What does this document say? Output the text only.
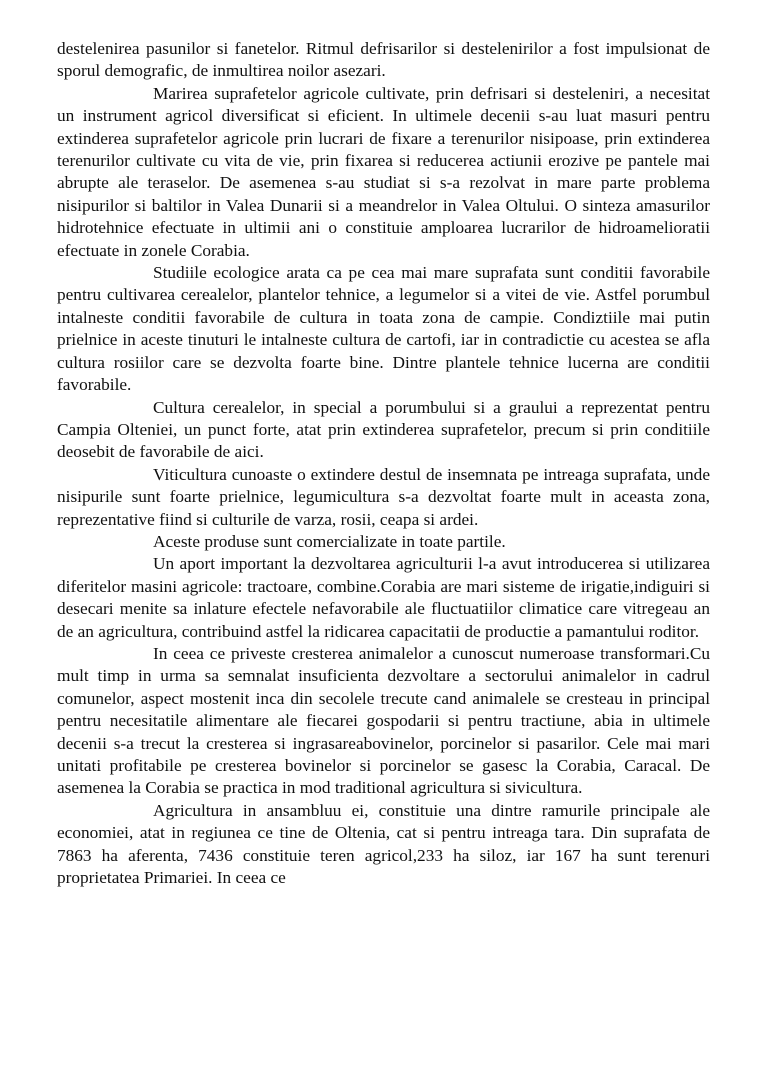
destelenirea pasunilor si fanetelor. Ritmul defrisarilor si destelenirilor a fost impulsionat de sporul demografic, de inmultirea noilor asezari.

Marirea suprafetelor agricole cultivate, prin defrisari si desteleniri, a necesitat un instrument agricol diversificat si eficient. In ultimele decenii s-au luat masuri pentru extinderea suprafetelor agricole prin lucrari de fixare a terenurilor nisipoase, prin extinderea terenurilor cultivate cu vita de vie, prin fixarea si reducerea actiunii erozive pe pantele mai abrupte ale teraselor. De asemenea s-au studiat si s-a rezolvat in mare parte problema nisipurilor si baltilor in Valea Dunarii si a meandrelor in Valea Oltului. O sinteza amasurilor hidrotehnice efectuate in ultimii ani o constituie amploarea lucrarilor de hidroamelioratii efectuate in zonele Corabia.

Studiile ecologice arata ca pe cea mai mare suprafata sunt conditii favorabile pentru cultivarea cerealelor, plantelor tehnice, a legumelor si a vitei de vie. Astfel porumbul intalneste conditii favorabile de cultura in toata zona de campie. Condiztiile mai putin prielnice in aceste tinuturi le intalneste cultura de cartofi, iar in contradictie cu acestea se afla cultura rosiilor care se dezvolta foarte bine. Dintre plantele tehnice lucerna are conditii favorabile.

Cultura cerealelor, in special a porumbului si a graului a reprezentat pentru Campia Olteniei, un punct forte, atat prin extinderea suprafetelor, precum si prin conditiile deosebit de favorabile de aici.

Viticultura cunoaste o extindere destul de insemnata pe intreaga suprafata, unde nisipurile sunt foarte prielnice, legumicultura s-a dezvoltat foarte mult in aceasta zona, reprezentative fiind si culturile de varza, rosii, ceapa si ardei.

Aceste produse sunt comercializate in toate partile.

Un aport important la dezvoltarea agriculturii l-a avut introducerea si utilizarea diferitelor masini agricole: tractoare, combine.Corabia are mari sisteme de irigatie,indiguiri si desecari menite sa inlature efectele nefavorabile ale fluctuatiilor climatice care vitregeau an de an agricultura, contribuind astfel la ridicarea capacitatii de productie a pamantului roditor.

In ceea ce priveste cresterea animalelor a cunoscut numeroase transformari.Cu mult timp in urma sa semnalat insuficienta dezvoltare a sectorului animalelor in cadrul comunelor, aspect mostenit inca din secolele trecute cand animalele se cresteau in principal pentru necesitatile alimentare ale fiecarei gospodarii si pentru tractiune, abia in ultimele decenii s-a trecut la cresterea si ingrasareabovinelor, porcinelor si pasarilor. Cele mai mari unitati profitabile pe cresterea bovinelor si porcinelor se gasesc la Corabia, Caracal. De asemenea la Corabia se practica in mod traditional agricultura si sivicultura.

Agricultura in ansambluu ei, constituie una dintre ramurile principale ale economiei, atat in regiunea ce tine de Oltenia, cat si pentru intreaga tara. Din suprafata de 7863 ha aferenta, 7436 constituie teren agricol,233 ha siloz, iar 167 ha sunt terenuri proprietatea Primariei. In ceea ce
